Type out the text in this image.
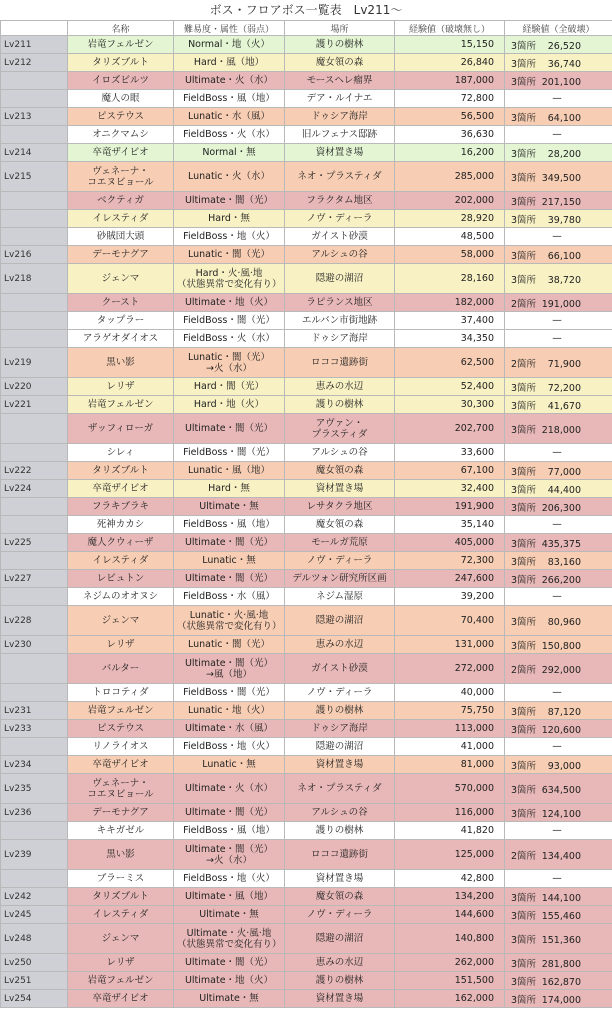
ボス・フロアボス一覧表　Lv211〜
	名称	難易度・属性（弱点）	場所	経験値（破壊無し）	経験値（全破壊）
Lv211	岩竜フェルゼン	Normal・地（火）	護りの樹林	15,150	3箇所 26,520
Lv212	タリズブルト	Hard・風（地）	魔女領の森	26,840	3箇所 36,740
	イロズビルツ	Ultimate・火（水）	モースヘレ瘤界	187,000	3箇所 201,100
	魔人の眼	FieldBoss・風（地）	デア・ルイナエ	72,800	—
Lv213	ピステウス	Lunatic・水（風）	ドゥシア海岸	56,500	3箇所 64,100
	オニクマムシ	FieldBoss・火（水）	旧ルフェナス邸跡	36,630	—
Lv214	卒竜ザイビオ	Normal・無	資材置き場	16,200	3箇所 28,200
Lv215	ヴェネーナ・
コエヌビョール	Lunatic・火（水）	ネオ・プラスティダ	285,000	3箇所 349,500
	ベクティガ	Ultimate・闇（光）	フラクタム地区	202,000	3箇所 217,150
	イレスティダ	Hard・無	ノヴ・ディーラ	28,920	3箇所 39,780
	砂賊団大頭	FieldBoss・地（火）	ガイスト砂漠	48,500	—
Lv216	デーモナグア	Lunatic・闇（光）	アルシュの谷	58,000	3箇所 66,100
Lv218	ジェンマ	Hard・火·風·地
（状態異常で変化有り）	隠避の湖沼	28,160	3箇所 38,720
	クースト	Ultimate・地（火）	ラピランス地区	182,000	2箇所 191,000
	タップラー	FieldBoss・闇（光）	エルバン市街地跡	37,400	—
	アラゲオダイオス	FieldBoss・火（水）	ドゥシア海岸	34,350	—
Lv219	黒い影	Lunatic・闇（光）
→火（水）	ロココ遺跡街	62,500	2箇所 71,900
Lv220	レリザ	Hard・闇（光）	恵みの水辺	52,400	3箇所 72,200
Lv221	岩竜フェルゼン	Hard・地（火）	護りの樹林	30,300	3箇所 41,670
	ザッフィローガ	Ultimate・闇（光）	アヴァン・
プラスティダ	202,700	3箇所 218,000
	シレィ	FieldBoss・闇（光）	アルシュの谷	33,600	—
Lv222	タリズブルト	Lunatic・風（地）	魔女領の森	67,100	3箇所 77,000
Lv224	卒竜ザイビオ	Hard・無	資材置き場	32,400	3箇所 44,400
	フラキブラキ	Ultimate・無	レサタクラ地区	191,900	3箇所 206,300
	死神カカシ	FieldBoss・風（地）	魔女領の森	35,140	—
Lv225	魔人クウィーザ	Ultimate・闇（光）	モールガ荒原	405,000	3箇所 435,375
	イレスティダ	Lunatic・無	ノヴ・ディーラ	72,300	3箇所 83,160
Lv227	レビュトン	Ultimate・闇（光）	デルツォン研究所区画	247,600	3箇所 266,200
	ネジムのオオヌシ	FieldBoss・水（風）	ネジム湿原	39,200	—
Lv228	ジェンマ	Lunatic・火·風·地
（状態異常で変化有り）	隠避の湖沼	70,400	3箇所 80,960
Lv230	レリザ	Lunatic・闇（光）	恵みの水辺	131,000	3箇所 150,800
	バルター	Ultimate・闇（光）
→風（地）	ガイスト砂漠	272,000	2箇所 292,000
	トロコティダ	FieldBoss・闇（光）	ノヴ・ディーラ	40,000	—
Lv231	岩竜フェルゼン	Lunatic・地（火）	護りの樹林	75,750	3箇所 87,120
Lv233	ピステウス	Ultimate・水（風）	ドゥシア海岸	113,000	3箇所 120,600
	リノライオス	FieldBoss・地（火）	隠避の湖沼	41,000	—
Lv234	卒竜ザイビオ	Lunatic・無	資材置き場	81,000	3箇所 93,000
Lv235	ヴェネーナ・
コエヌビョール	Ultimate・火（水）	ネオ・プラスティダ	570,000	3箇所 634,500
Lv236	デーモナグア	Ultimate・闇（光）	アルシュの谷	116,000	3箇所 124,100
	キキガゼル	FieldBoss・風（地）	護りの樹林	41,820	—
Lv239	黒い影	Ultimate・闇（光）
→火（水）	ロココ遺跡街	125,000	2箇所 134,400
	ブラーミス	FieldBoss・地（火）	資材置き場	42,800	—
Lv242	タリズブルト	Ultimate・風（地）	魔女領の森	134,200	3箇所 144,100
Lv245	イレスティダ	Ultimate・無	ノヴ・ディーラ	144,600	3箇所 155,460
Lv248	ジェンマ	Ultimate・火·風·地
（状態異常で変化有り）	隠避の湖沼	140,800	3箇所 151,360
Lv250	レリザ	Ultimate・闇（光）	恵みの水辺	262,000	3箇所 281,800
Lv251	岩竜フェルゼン	Ultimate・地（火）	護りの樹林	151,500	3箇所 162,870
Lv254	卒竜ザイビオ	Ultimate・無	資材置き場	162,000	3箇所 174,000
